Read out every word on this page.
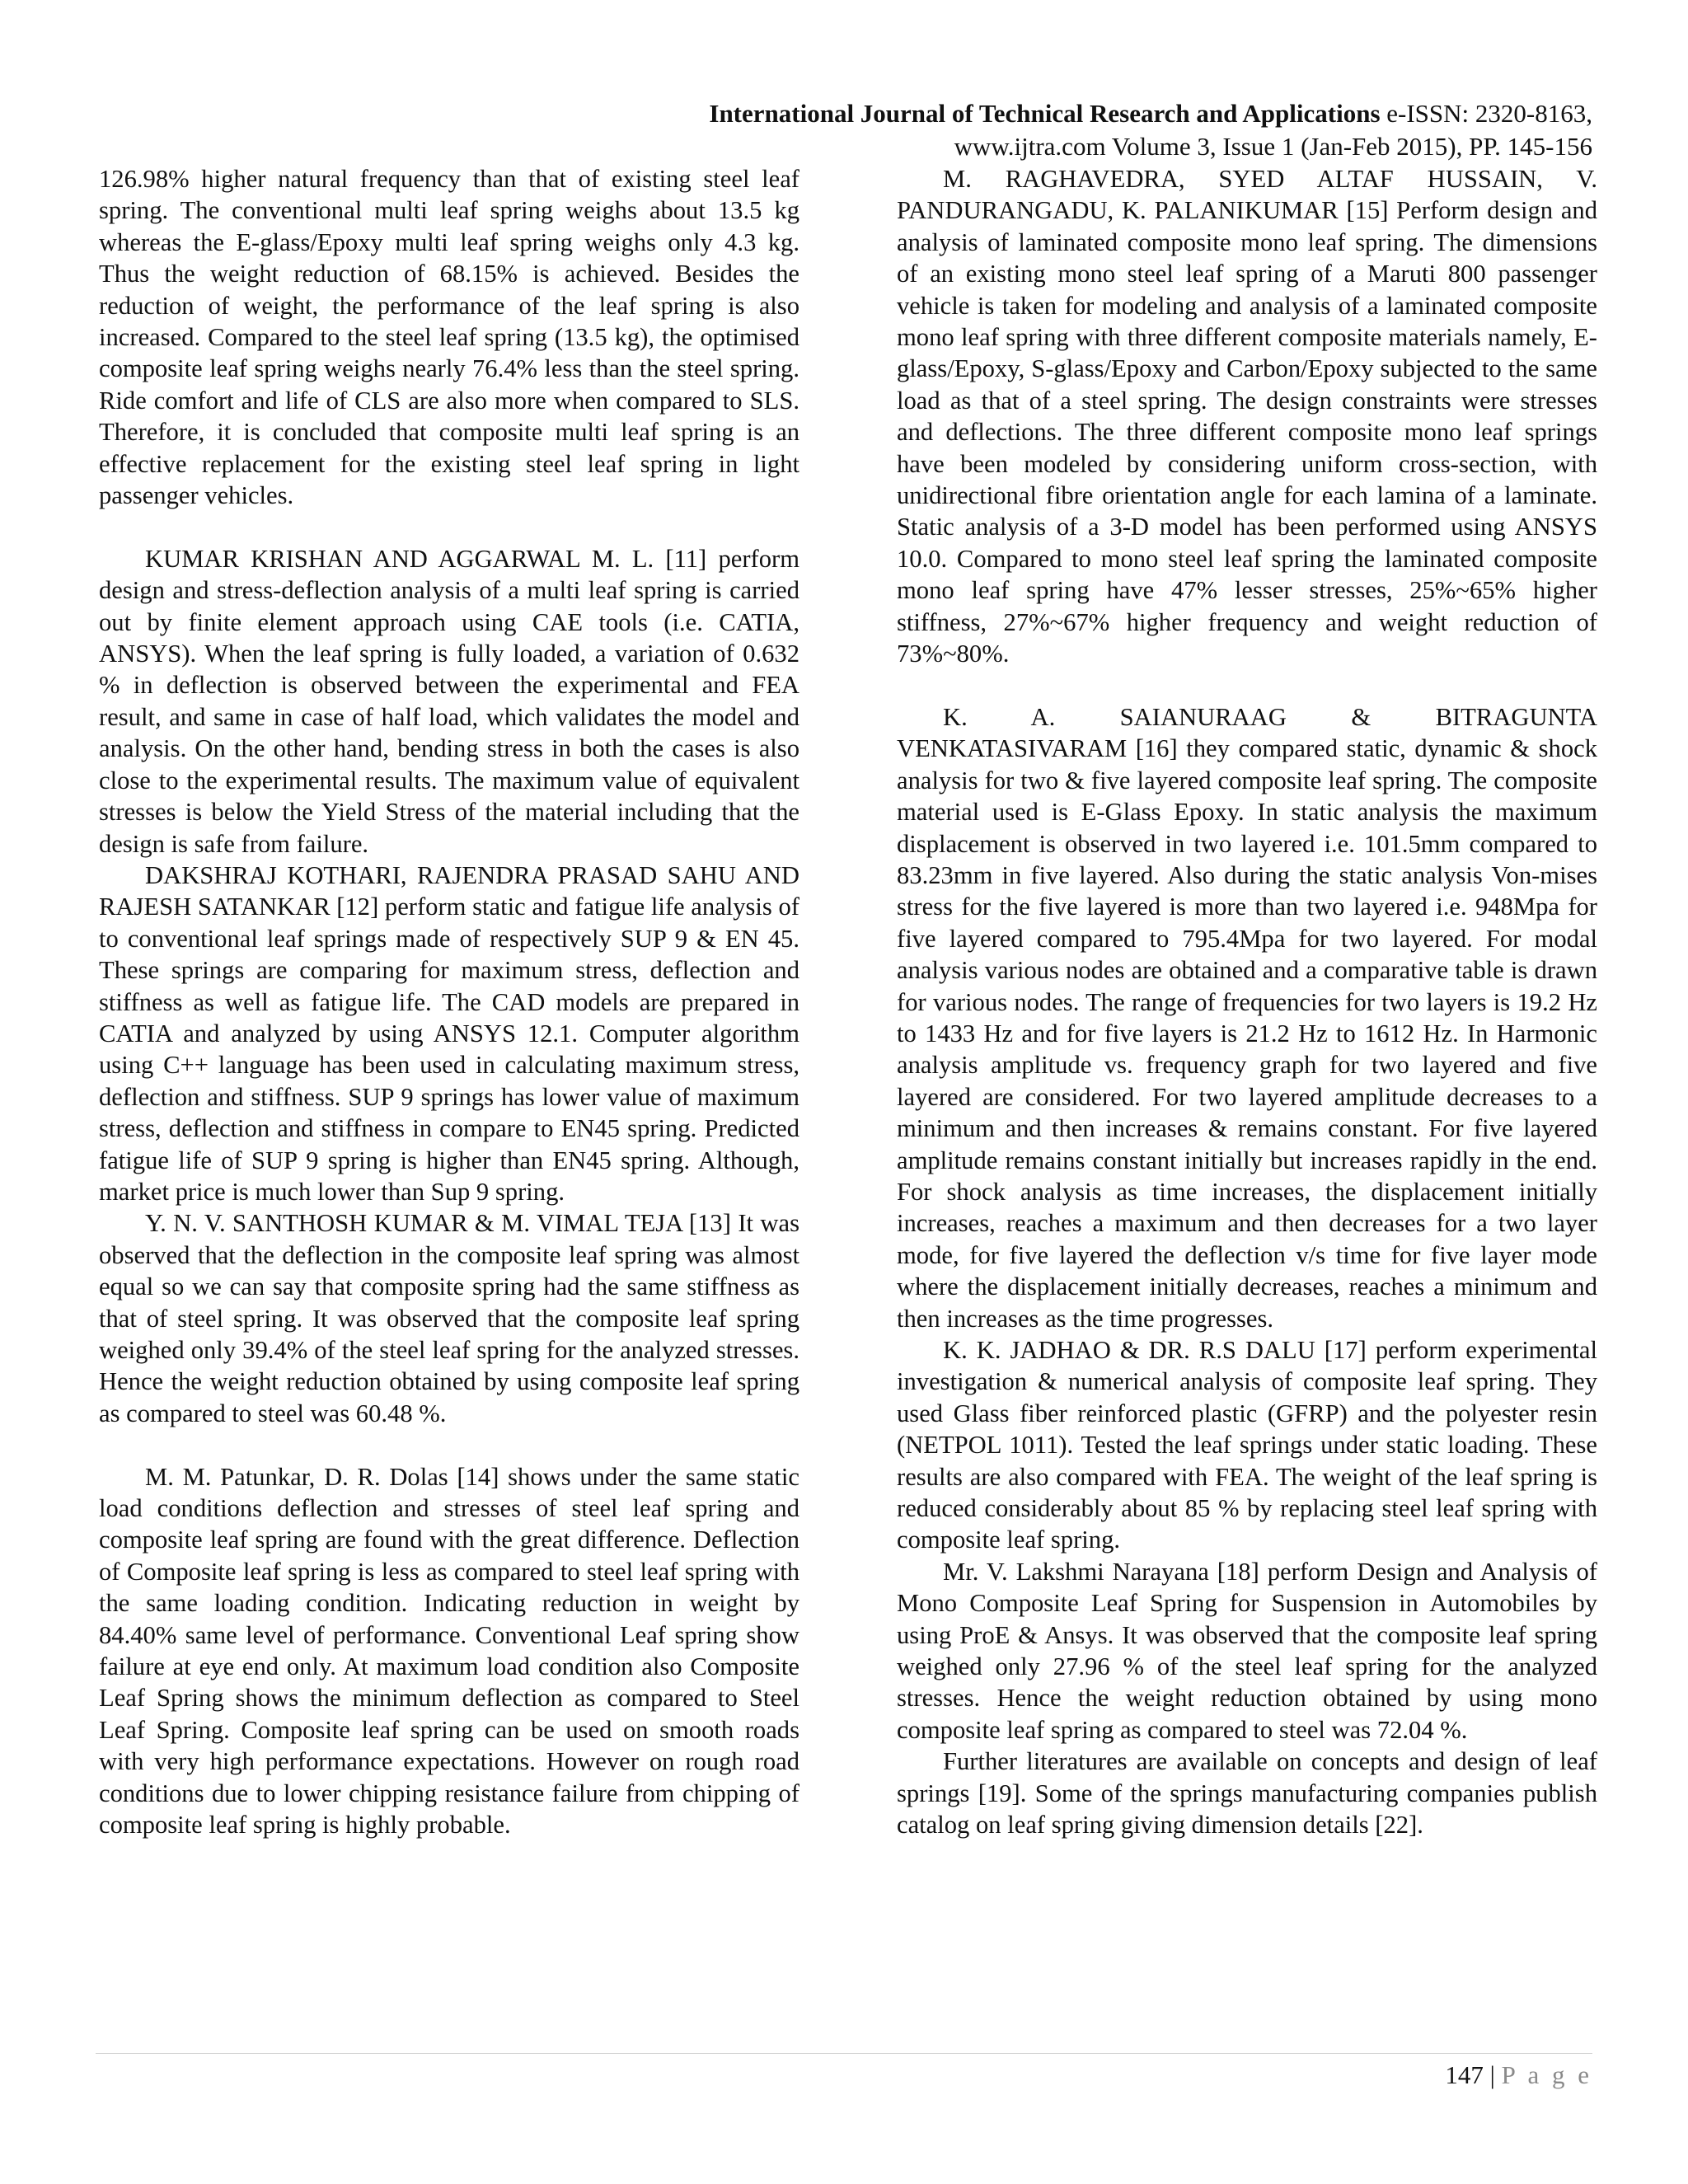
International Journal of Technical Research and Applications e-ISSN: 2320-8163,
www.ijtra.com Volume 3, Issue 1 (Jan-Feb 2015), PP. 145-156

126.98% higher natural frequency than that of existing steel leaf spring. The conventional multi leaf spring weighs about 13.5 kg whereas the E-glass/Epoxy multi leaf spring weighs only 4.3 kg. Thus the weight reduction of 68.15% is achieved. Besides the reduction of weight, the performance of the leaf spring is also increased. Compared to the steel leaf spring (13.5 kg), the optimised composite leaf spring weighs nearly 76.4% less than the steel spring. Ride comfort and life of CLS are also more when compared to SLS. Therefore, it is concluded that composite multi leaf spring is an effective replacement for the existing steel leaf spring in light passenger vehicles.

KUMAR KRISHAN AND AGGARWAL M. L. [11] perform design and stress-deflection analysis of a multi leaf spring is carried out by finite element approach using CAE tools (i.e. CATIA, ANSYS). When the leaf spring is fully loaded, a variation of 0.632 % in deflection is observed between the experimental and FEA result, and same in case of half load, which validates the model and analysis. On the other hand, bending stress in both the cases is also close to the experimental results. The maximum value of equivalent stresses is below the Yield Stress of the material including that the design is safe from failure.

DAKSHRAJ KOTHARI, RAJENDRA PRASAD SAHU AND RAJESH SATANKAR [12] perform static and fatigue life analysis of to conventional leaf springs made of respectively SUP 9 & EN 45. These springs are comparing for maximum stress, deflection and stiffness as well as fatigue life. The CAD models are prepared in CATIA and analyzed by using ANSYS 12.1. Computer algorithm using C++ language has been used in calculating maximum stress, deflection and stiffness. SUP 9 springs has lower value of maximum stress, deflection and stiffness in compare to EN45 spring. Predicted fatigue life of SUP 9 spring is higher than EN45 spring. Although, market price is much lower than Sup 9 spring.

Y. N. V. SANTHOSH KUMAR & M. VIMAL TEJA [13] It was observed that the deflection in the composite leaf spring was almost equal so we can say that composite spring had the same stiffness as that of steel spring. It was observed that the composite leaf spring weighed only 39.4% of the steel leaf spring for the analyzed stresses. Hence the weight reduction obtained by using composite leaf spring as compared to steel was 60.48 %.

M. M. Patunkar, D. R. Dolas [14] shows under the same static load conditions deflection and stresses of steel leaf spring and composite leaf spring are found with the great difference. Deflection of Composite leaf spring is less as compared to steel leaf spring with the same loading condition. Indicating reduction in weight by 84.40% same level of performance. Conventional Leaf spring show failure at eye end only. At maximum load condition also Composite Leaf Spring shows the minimum deflection as compared to Steel Leaf Spring. Composite leaf spring can be used on smooth roads with very high performance expectations. However on rough road conditions due to lower chipping resistance failure from chipping of composite leaf spring is highly probable.

M. RAGHAVEDRA, SYED ALTAF HUSSAIN, V. PANDURANGADU, K. PALANIKUMAR [15] Perform design and analysis of laminated composite mono leaf spring. The dimensions of an existing mono steel leaf spring of a Maruti 800 passenger vehicle is taken for modeling and analysis of a laminated composite mono leaf spring with three different composite materials namely, E-glass/Epoxy, S-glass/Epoxy and Carbon/Epoxy subjected to the same load as that of a steel spring. The design constraints were stresses and deflections. The three different composite mono leaf springs have been modeled by considering uniform cross-section, with unidirectional fibre orientation angle for each lamina of a laminate. Static analysis of a 3-D model has been performed using ANSYS 10.0. Compared to mono steel leaf spring the laminated composite mono leaf spring have 47% lesser stresses, 25%~65% higher stiffness, 27%~67% higher frequency and weight reduction of 73%~80%.

K. A. SAIANURAAG & BITRAGUNTA VENKATASIVARAM [16] they compared static, dynamic & shock analysis for two & five layered composite leaf spring. The composite material used is E-Glass Epoxy. In static analysis the maximum displacement is observed in two layered i.e. 101.5mm compared to 83.23mm in five layered. Also during the static analysis Von-mises stress for the five layered is more than two layered i.e. 948Mpa for five layered compared to 795.4Mpa for two layered. For modal analysis various nodes are obtained and a comparative table is drawn for various nodes. The range of frequencies for two layers is 19.2 Hz to 1433 Hz and for five layers is 21.2 Hz to 1612 Hz. In Harmonic analysis amplitude vs. frequency graph for two layered and five layered are considered. For two layered amplitude decreases to a minimum and then increases & remains constant. For five layered amplitude remains constant initially but increases rapidly in the end. For shock analysis as time increases, the displacement initially increases, reaches a maximum and then decreases for a two layer mode, for five layered the deflection v/s time for five layer mode where the displacement initially decreases, reaches a minimum and then increases as the time progresses.

K. K. JADHAO & DR. R.S DALU [17] perform experimental investigation & numerical analysis of composite leaf spring. They used Glass fiber reinforced plastic (GFRP) and the polyester resin (NETPOL 1011). Tested the leaf springs under static loading. These results are also compared with FEA. The weight of the leaf spring is reduced considerably about 85 % by replacing steel leaf spring with composite leaf spring.

Mr. V. Lakshmi Narayana [18] perform Design and Analysis of Mono Composite Leaf Spring for Suspension in Automobiles by using ProE & Ansys. It was observed that the composite leaf spring weighed only 27.96 % of the steel leaf spring for the analyzed stresses. Hence the weight reduction obtained by using mono composite leaf spring as compared to steel was 72.04 %.

Further literatures are available on concepts and design of leaf springs [19]. Some of the springs manufacturing companies publish catalog on leaf spring giving dimension details [22].

147 | P a g e
